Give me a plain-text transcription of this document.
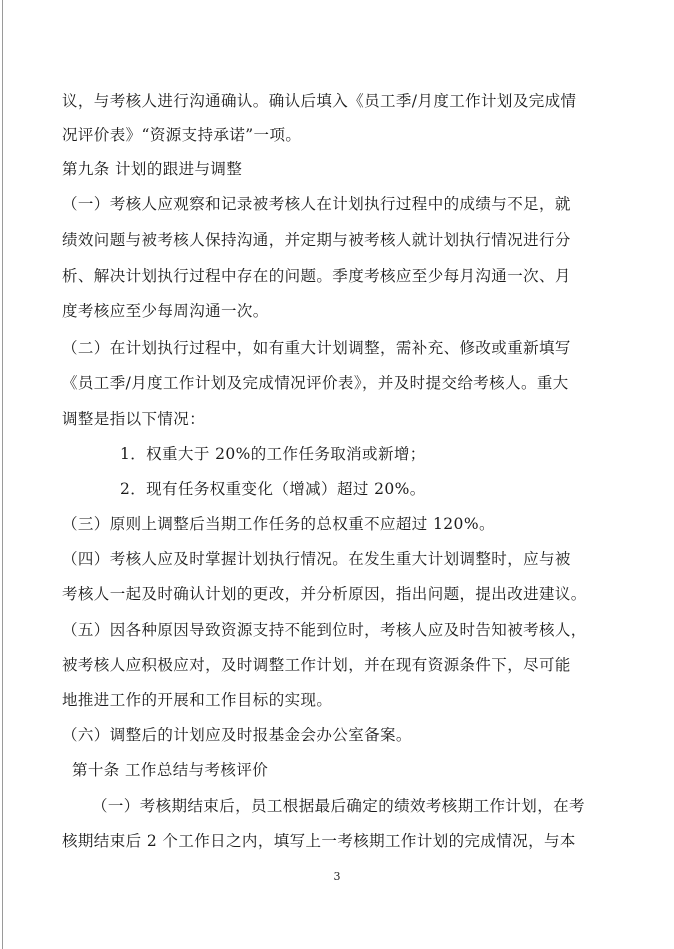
议，与考核人进行沟通确认。确认后填入《员工季/月度工作计划及完成情
况评价表》“资源支持承诺”一项。
第九条 计划的跟进与调整
（一）考核人应观察和记录被考核人在计划执行过程中的成绩与不足，就
绩效问题与被考核人保持沟通，并定期与被考核人就计划执行情况进行分
析、解决计划执行过程中存在的问题。季度考核应至少每月沟通一次、月
度考核应至少每周沟通一次。
（二）在计划执行过程中，如有重大计划调整，需补充、修改或重新填写
《员工季/月度工作计划及完成情况评价表》，并及时提交给考核人。重大
调整是指以下情况：
1．权重大于 20%的工作任务取消或新增；
2．现有任务权重变化（增减）超过 20%。
（三）原则上调整后当期工作任务的总权重不应超过 120%。
（四）考核人应及时掌握计划执行情况。在发生重大计划调整时，应与被
考核人一起及时确认计划的更改，并分析原因，指出问题，提出改进建议。
（五）因各种原因导致资源支持不能到位时，考核人应及时告知被考核人，
被考核人应积极应对，及时调整工作计划，并在现有资源条件下，尽可能
地推进工作的开展和工作目标的实现。
（六）调整后的计划应及时报基金会办公室备案。
第十条 工作总结与考核评价
（一）考核期结束后，员工根据最后确定的绩效考核期工作计划，在考
核期结束后 2 个工作日之内，填写上一考核期工作计划的完成情况，与本
3
